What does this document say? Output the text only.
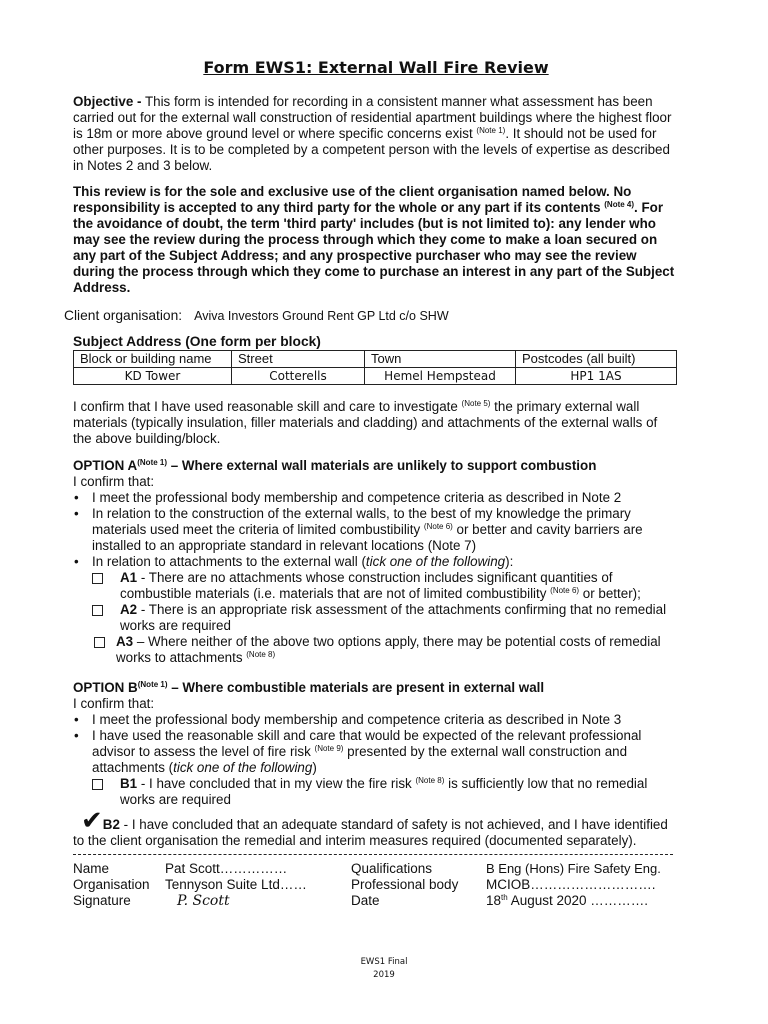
Form EWS1: External Wall Fire Review

Objective - This form is intended for recording in a consistent manner what assessment has been carried out for the external wall construction of residential apartment buildings where the highest floor is 18m or more above ground level or where specific concerns exist $^{(Note 1)}$. It should not be used for other purposes. It is to be completed by a competent person with the levels of expertise as described in Notes 2 and 3 below.

This review is for the sole and exclusive use of the client organisation named below. No responsibility is accepted to any third party for the whole or any part if its contents $^{(Note 4)}$. For the avoidance of doubt, the term 'third party' includes (but is not limited to): any lender who may see the review during the process through which they come to make a loan secured on any part of the Subject Address; and any prospective purchaser who may see the review during the process through which they come to purchase an interest in any part of the Subject Address.

Client organisation: Aviva Investors Ground Rent GP Ltd c/o SHW
Subject Address (One form per block)
Block or building name	Street	Town	Postcodes (all built)
KD Tower	Cotterells	Hemel Hempstead	HP1 1AS

I confirm that I have used reasonable skill and care to investigate $^{(Note 5)}$ the primary external wall materials (typically insulation, filler materials and cladding) and attachments of the external walls of the above building/block.

OPTION $A^{(Note 1)}$ – Where external wall materials are unlikely to support combustion

I confirm that:

• I meet the professional body membership and competence criteria as described in Note 2
• In relation to the construction of the external walls, to the best of my knowledge the primary materials used meet the criteria of limited combustibility $^{(Note 6)}$ or better and cavity barriers are installed to an appropriate standard in relevant locations (Note 7)
• In relation to attachments to the external wall (tick one of the following):
A1 - There are no attachments whose construction includes significant quantities of combustible materials (i.e. materials that are not of limited combustibility $^{(Note 6)}$ or better);
A2 - There is an appropriate risk assessment of the attachments confirming that no remedial works are required
A3 – Where neither of the above two options apply, there may be potential costs of remedial works to attachments $^{(Note 8)}$
OPTION $B^{(Note 1)}$ – Where combustible materials are present in external wall

I confirm that:

• I meet the professional body membership and competence criteria as described in Note 3
• I have used the reasonable skill and care that would be expected of the relevant professional advisor to assess the level of fire risk $^{(Note 9)}$ presented by the external wall construction and attachments (tick one of the following)
B1 - I have concluded that in my view the fire risk $^{(Note 8)}$ is sufficiently low that no remedial works are required

✔B2 - I have concluded that an adequate standard of safety is not achieved, and I have identified to the client organisation the remedial and interim measures required (documented separately).

Name	Pat Scott……………	Qualifications	B Eng (Hons) Fire Safety Eng.
Organisation	Tennyson Suite Ltd……	Professional body	MCIOB……………………….
Signature	P. Scott	Date	18th August 2020 ………….
EWS1 Final
2019
